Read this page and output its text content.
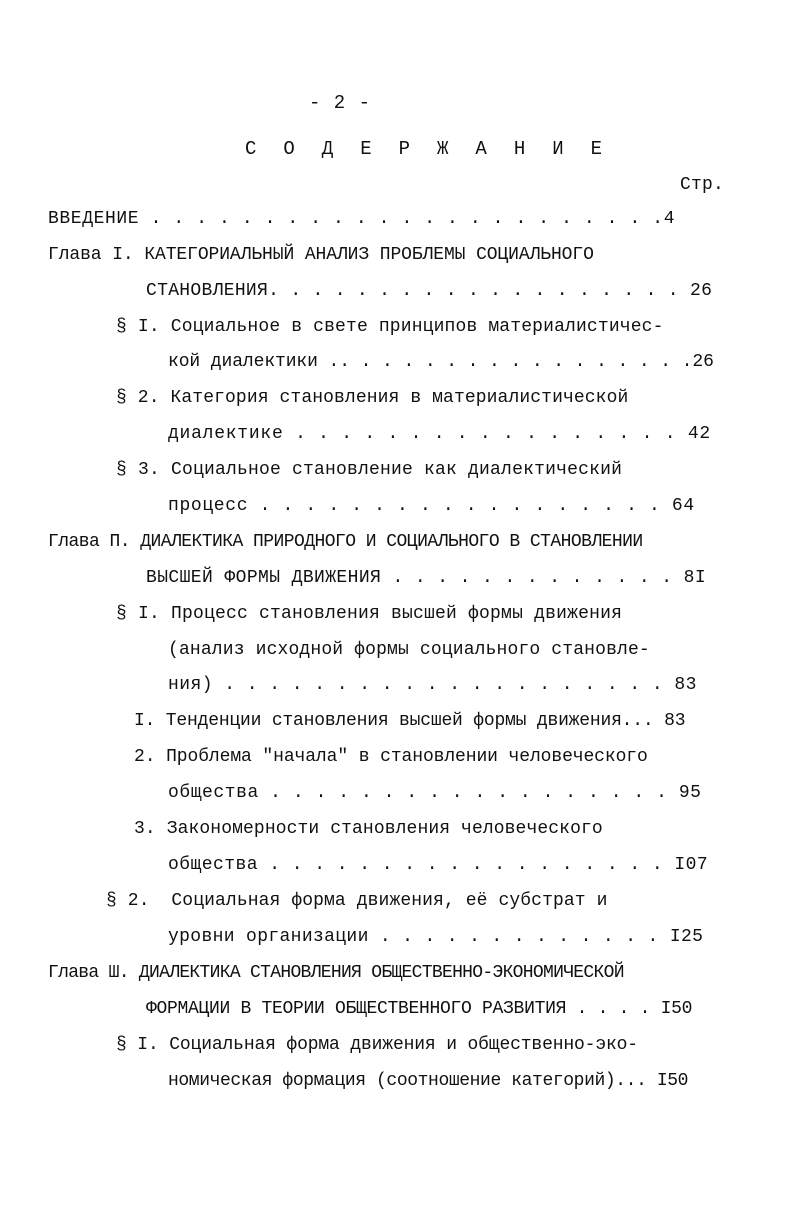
- 2 -
С О Д Е Р Ж А Н И Е
Стр.
ВВЕДЕНИЕ . . . . . . . . . . . . . . . . . . . . . . .4
Глава I. КАТЕГОРИАЛЬНЫЙ АНАЛИЗ ПРОБЛЕМЫ СОЦИАЛЬНОГО
СТАНОВЛЕНИЯ. . . . . . . . . . . . . . . . . . . 26
§ I. Социальное в свете принципов материалистичес-
кой диалектики .. . . . . . . . . . . . . . . . .26
§ 2. Категория становления в материалистической
диалектике . . . . . . . . . . . . . . . . . 42
§ 3. Социальное становление как диалектический
процесс . . . . . . . . . . . . . . . . . . 64
Глава П. ДИАЛЕКТИКА ПРИРОДНОГО И СОЦИАЛЬНОГО В СТАНОВЛЕНИИ
ВЫСШЕЙ ФОРМЫ ДВИЖЕНИЯ . . . . . . . . . . . . . 8I
§ I. Процесс становления высшей формы движения
(анализ исходной формы социального становле-
ния) . . . . . . . . . . . . . . . . . . . . 83
I. Тенденции становления высшей формы движения... 83
2. Проблема "начала" в становлении человеческого
общества . . . . . . . . . . . . . . . . . . 95
3. Закономерности становления человеческого
общества . . . . . . . . . . . . . . . . . . I07
§ 2.  Социальная форма движения, её субстрат и
уровни организации . . . . . . . . . . . . . I25
Глава Ш. ДИАЛЕКТИКА СТАНОВЛЕНИЯ ОБЩЕСТВЕННО-ЭКОНОМИЧЕСКОЙ
ФОРМАЦИИ В ТЕОРИИ ОБЩЕСТВЕННОГО РАЗВИТИЯ . . . . I50
§ I. Социальная форма движения и общественно-эко-
номическая формация (соотношение категорий)... I50
